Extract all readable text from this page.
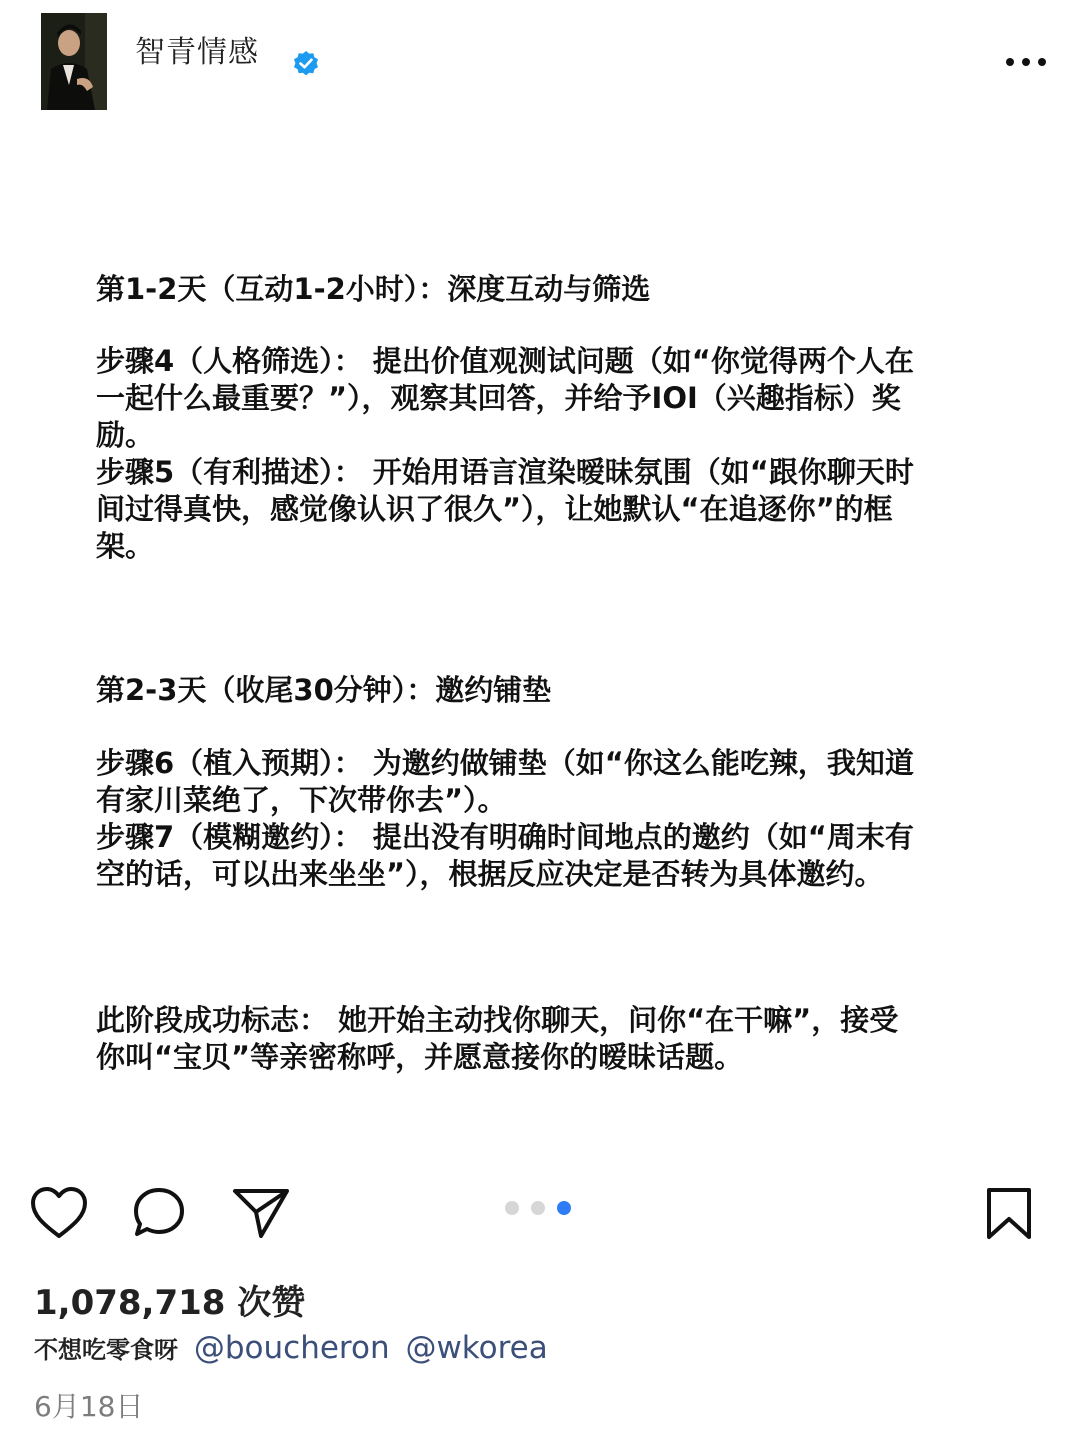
智青情感
第1-2天（互动1-2小时）：深度互动与筛选
步骤4（人格筛选）： 提出价值观测试问题（如“你觉得两个人在
一起什么最重要？”），观察其回答，并给予IOI（兴趣指标）奖
励。
步骤5（有利描述）： 开始用语言渲染暧昧氛围（如“跟你聊天时
间过得真快，感觉像认识了很久”），让她默认“在追逐你”的框
架。
第2-3天（收尾30分钟）：邀约铺垫
步骤6（植入预期）： 为邀约做铺垫（如“你这么能吃辣，我知道
有家川菜绝了，下次带你去”）。
步骤7（模糊邀约）： 提出没有明确时间地点的邀约（如“周末有
空的话，可以出来坐坐”），根据反应决定是否转为具体邀约。
此阶段成功标志： 她开始主动找你聊天，问你“在干嘛”，接受
你叫“宝贝”等亲密称呼，并愿意接你的暧昧话题。
1,078,718 次赞
不想吃零食呀 @boucheron @wkorea
6月18日
